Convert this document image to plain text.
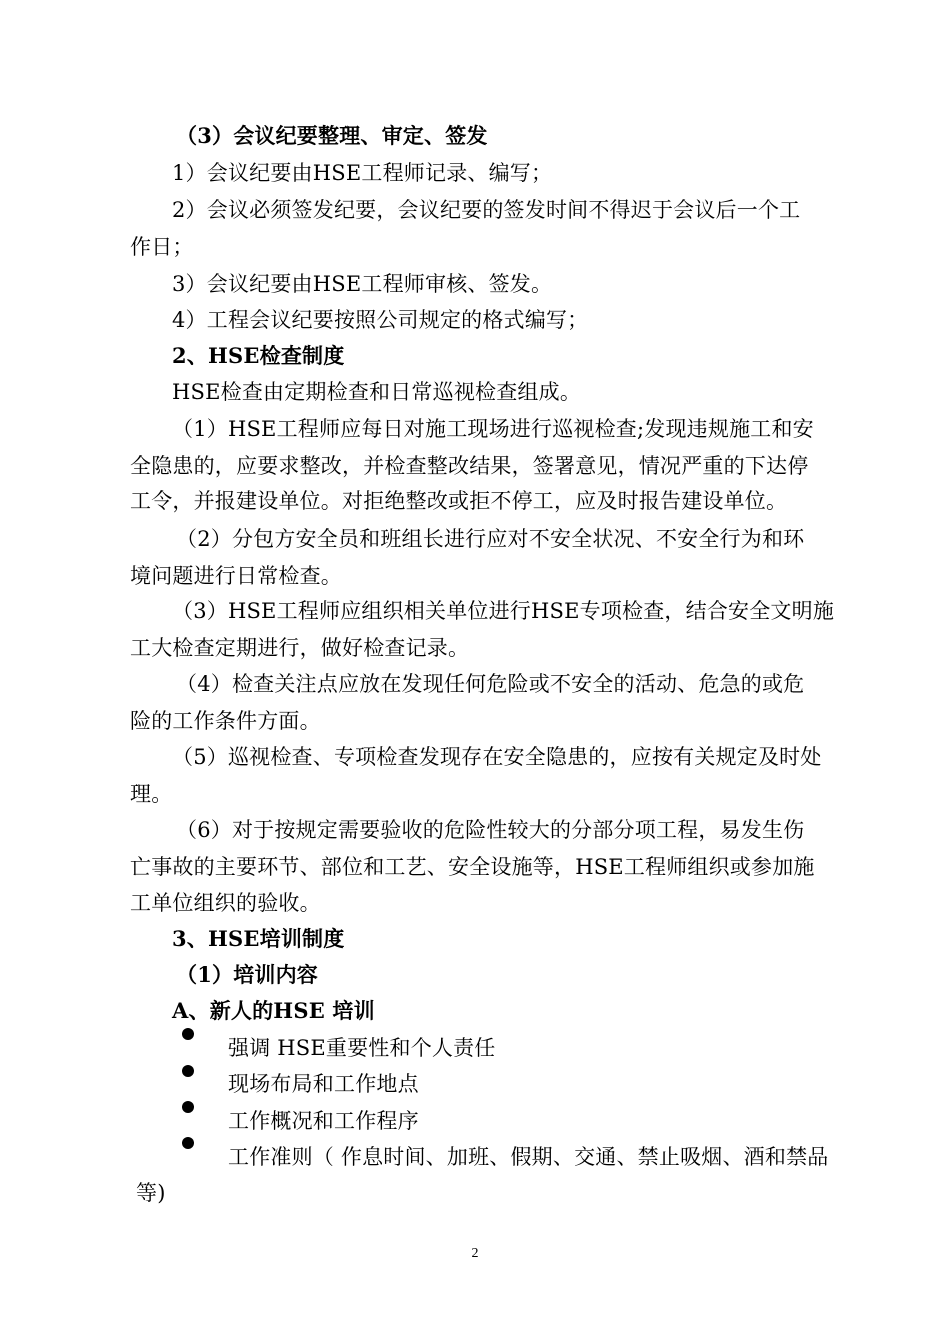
（3）会议纪要整理、审定、签发
1）会议纪要由HSE工程师记录、编写；
2）会议必须签发纪要，会议纪要的签发时间不得迟于会议后一个工
作日；
3）会议纪要由HSE工程师审核、签发。
4）工程会议纪要按照公司规定的格式编写；
2、HSE检查制度
HSE检查由定期检查和日常巡视检查组成。
（1）HSE工程师应每日对施工现场进行巡视检查;发现违规施工和安
全隐患的，应要求整改，并检查整改结果，签署意见，情况严重的下达停
工令，并报建设单位。对拒绝整改或拒不停工，应及时报告建设单位。
（2）分包方安全员和班组长进行应对不安全状况、不安全行为和环
境问题进行日常检查。
（3）HSE工程师应组织相关单位进行HSE专项检查，结合安全文明施
工大检查定期进行，做好检查记录。
（4）检查关注点应放在发现任何危险或不安全的活动、危急的或危
险的工作条件方面。
（5）巡视检查、专项检查发现存在安全隐患的，应按有关规定及时处
理。
（6）对于按规定需要验收的危险性较大的分部分项工程，易发生伤
亡事故的主要环节、部位和工艺、安全设施等，HSE工程师组织或参加施
工单位组织的验收。
3、HSE培训制度
（1）培训内容
A、新人的HSE 培训
强调 HSE重要性和个人责任
现场布局和工作地点
工作概况和工作程序
工作准则（ 作息时间、加班、假期、交通、禁止吸烟、酒和禁品
等)
2
